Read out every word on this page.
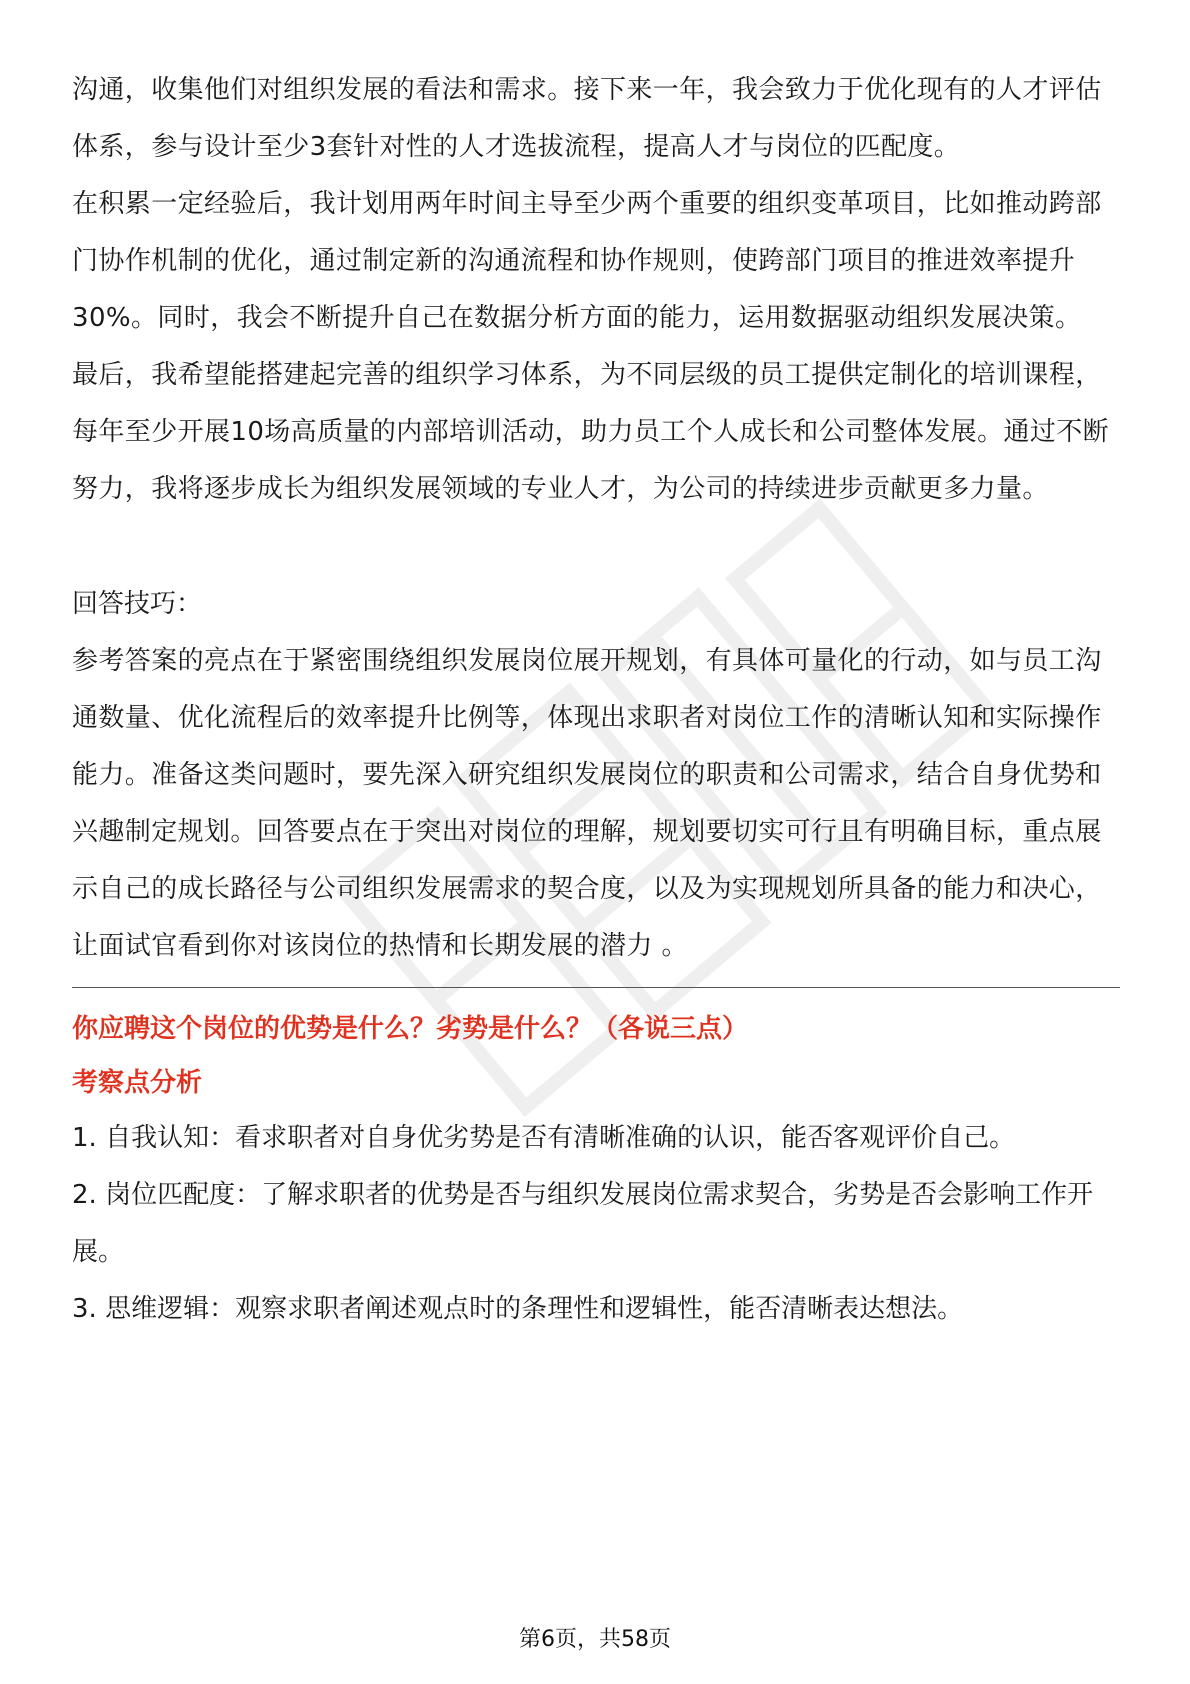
沟通，收集他们对组织发展的看法和需求。接下来一年，我会致力于优化现有的人才评估体系，参与设计至少3套针对性的人才选拔流程，提高人才与岗位的匹配度。

在积累一定经验后，我计划用两年时间主导至少两个重要的组织变革项目，比如推动跨部门协作机制的优化，通过制定新的沟通流程和协作规则，使跨部门项目的推进效率提升30%。同时，我会不断提升自己在数据分析方面的能力，运用数据驱动组织发展决策。

最后，我希望能搭建起完善的组织学习体系，为不同层级的员工提供定制化的培训课程，每年至少开展10场高质量的内部培训活动，助力员工个人成长和公司整体发展。通过不断努力，我将逐步成长为组织发展领域的专业人才，为公司的持续进步贡献更多力量。

回答技巧：

参考答案的亮点在于紧密围绕组织发展岗位展开规划，有具体可量化的行动，如与员工沟通数量、优化流程后的效率提升比例等，体现出求职者对岗位工作的清晰认知和实际操作能力。准备这类问题时，要先深入研究组织发展岗位的职责和公司需求，结合自身优势和兴趣制定规划。回答要点在于突出对岗位的理解，规划要切实可行且有明确目标，重点展示自己的成长路径与公司组织发展需求的契合度，以及为实现规划所具备的能力和决心，让面试官看到你对该岗位的热情和长期发展的潜力 。

你应聘这个岗位的优势是什么？劣势是什么？（各说三点）

考察点分析

1. 自我认知：看求职者对自身优劣势是否有清晰准确的认识，能否客观评价自己。

2. 岗位匹配度：了解求职者的优势是否与组织发展岗位需求契合，劣势是否会影响工作开展。

3. 思维逻辑：观察求职者阐述观点时的条理性和逻辑性，能否清晰表达想法。

第6页，共58页
